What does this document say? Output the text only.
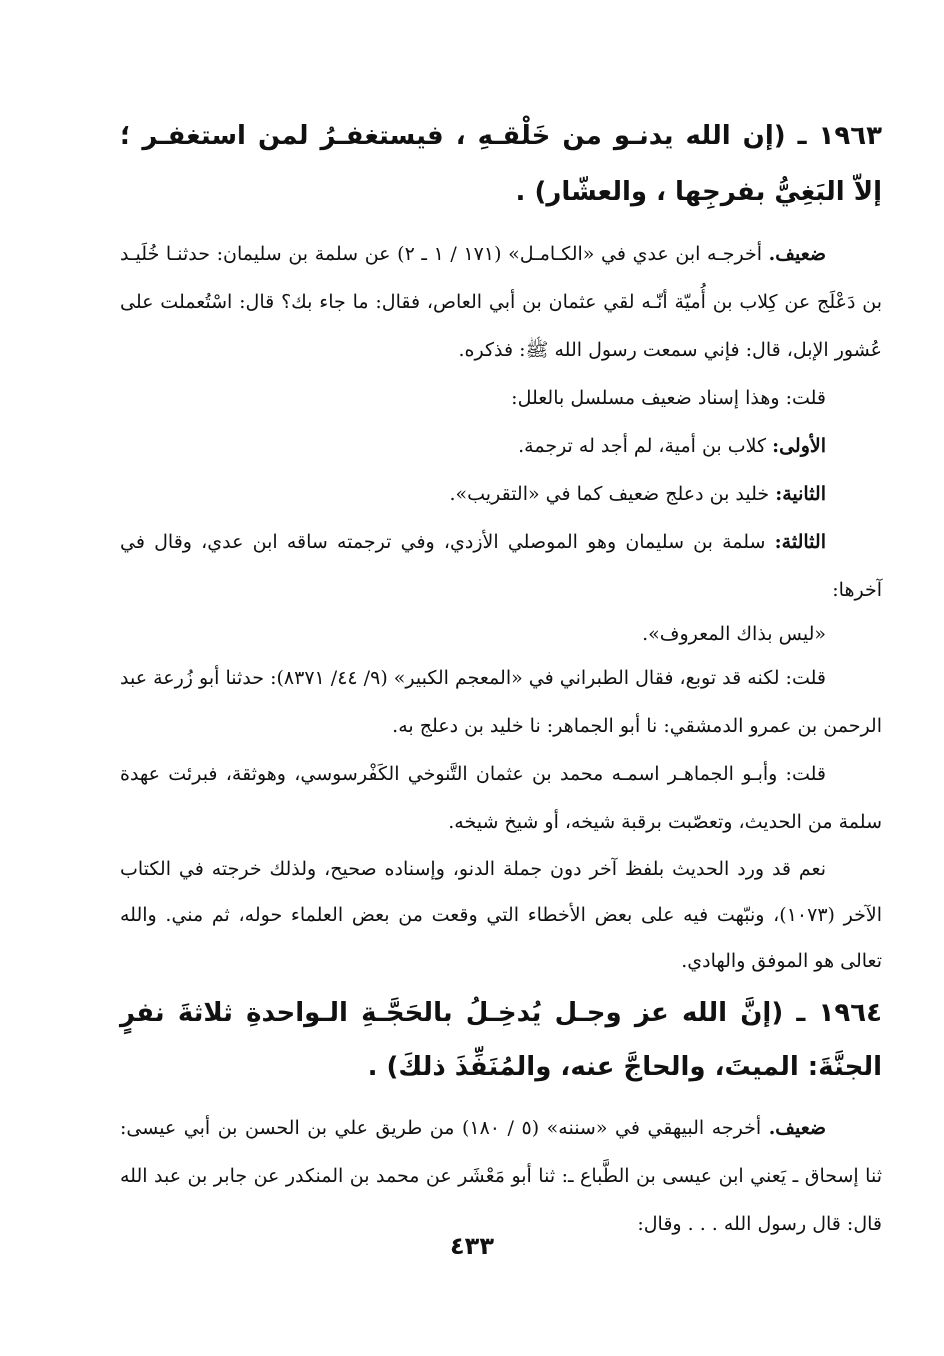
١٩٦٣ ـ (إن الله يدنـو من خَلْقـهِ ، فيستغفـرُ لمن استغفـر ؛ إلاّ البَغِيُّ بفرجِها ، والعشّار) .

ضعيف. أخرجـه ابن عدي في «الكـامـل» (١٧١ / ١ ـ ٢) عن سلمة بن سليمان: حدثنـا خُلَيـد بن دَعْلَج عن كِلاب بن أُميّة أنّـه لقي عثمان بن أبي العاص، فقال: ما جاء بك؟ قال: اسْتُعملت على عُشور الإبل، قال: فإني سمعت رسول الله ﷺ: فذكره.

قلت: وهذا إسناد ضعيف مسلسل بالعلل:

الأولى: كلاب بن أمية، لم أجد له ترجمة.

الثانية: خليد بن دعلج ضعيف كما في «التقريب».

الثالثة: سلمة بن سليمان وهو الموصلي الأزدي، وفي ترجمته ساقه ابن عدي، وقال في آخرها:

«ليس بذاك المعروف».

قلت: لكنه قد توبع، فقال الطبراني في «المعجم الكبير» (٩/ ٤٤/ ٨٣٧١): حدثنا أبو زُرعة عبد الرحمن بن عمرو الدمشقي: نا أبو الجماهر: نا خليد بن دعلج به.

قلت: وأبـو الجماهـر اسمـه محمد بن عثمان التَّنوخي الكَفْرسوسي، وهوثقة، فبرئت عهدة سلمة من الحديث، وتعصّبت برقبة شيخه، أو شيخ شيخه.

نعم قد ورد الحديث بلفظ آخر دون جملة الدنو، وإسناده صحيح، ولذلك خرجته في الكتاب الآخر (١٠٧٣)، ونبّهت فيه على بعض الأخطاء التي وقعت من بعض العلماء حوله، ثم مني. والله تعالى هو الموفق والهادي.

١٩٦٤ ـ (إنَّ الله عز وجـل يُدخِـلُ بالحَجَّـةِ الـواحدةِ ثلاثةَ نفرٍ الجنَّةَ: الميتَ، والحاجَّ عنه، والمُنَفِّذَ ذلكَ) .

ضعيف. أخرجه البيهقي في «سننه» (٥ / ١٨٠) من طريق علي بن الحسن بن أبي عيسى: ثنا إسحاق ـ يَعني ابن عيسى بن الطَّباع ـ: ثنا أبو مَعْشَر عن محمد بن المنكدر عن جابر بن عبد الله قال: قال رسول الله . . . وقال:

٤٣٣
